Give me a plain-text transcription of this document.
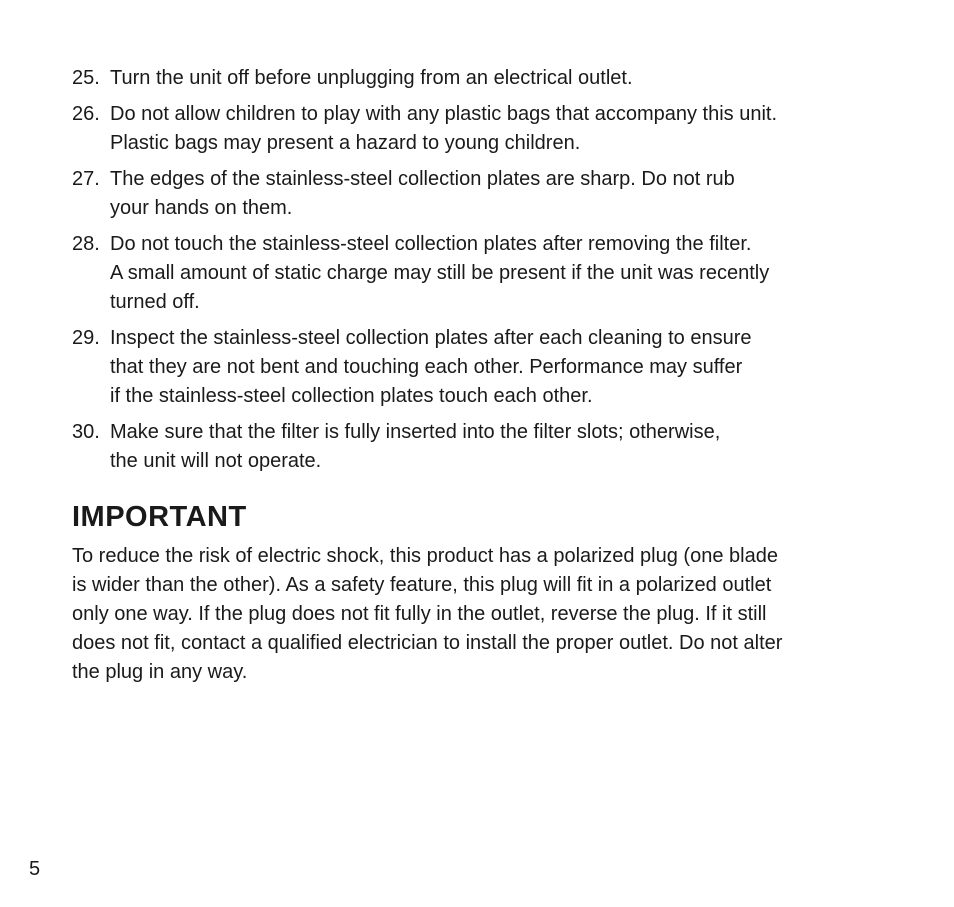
25. Turn the unit off before unplugging from an electrical outlet.
26. Do not allow children to play with any plastic bags that accompany this unit.
Plastic bags may present a hazard to young children.
27. The edges of the stainless-steel collection plates are sharp. Do not rub
your hands on them.
28. Do not touch the stainless-steel collection plates after removing the filter.
A small amount of static charge may still be present if the unit was recently
turned off.
29. Inspect the stainless-steel collection plates after each cleaning to ensure
that they are not bent and touching each other. Performance may suffer
if the stainless-steel collection plates touch each other.
30. Make sure that the filter is fully inserted into the filter slots; otherwise,
the unit will not operate.
IMPORTANT

To reduce the risk of electric shock, this product has a polarized plug (one blade
is wider than the other). As a safety feature, this plug will fit in a polarized outlet
only one way. If the plug does not fit fully in the outlet, reverse the plug. If it still
does not fit, contact a qualified electrician to install the proper outlet. Do not alter
the plug in any way.

5
